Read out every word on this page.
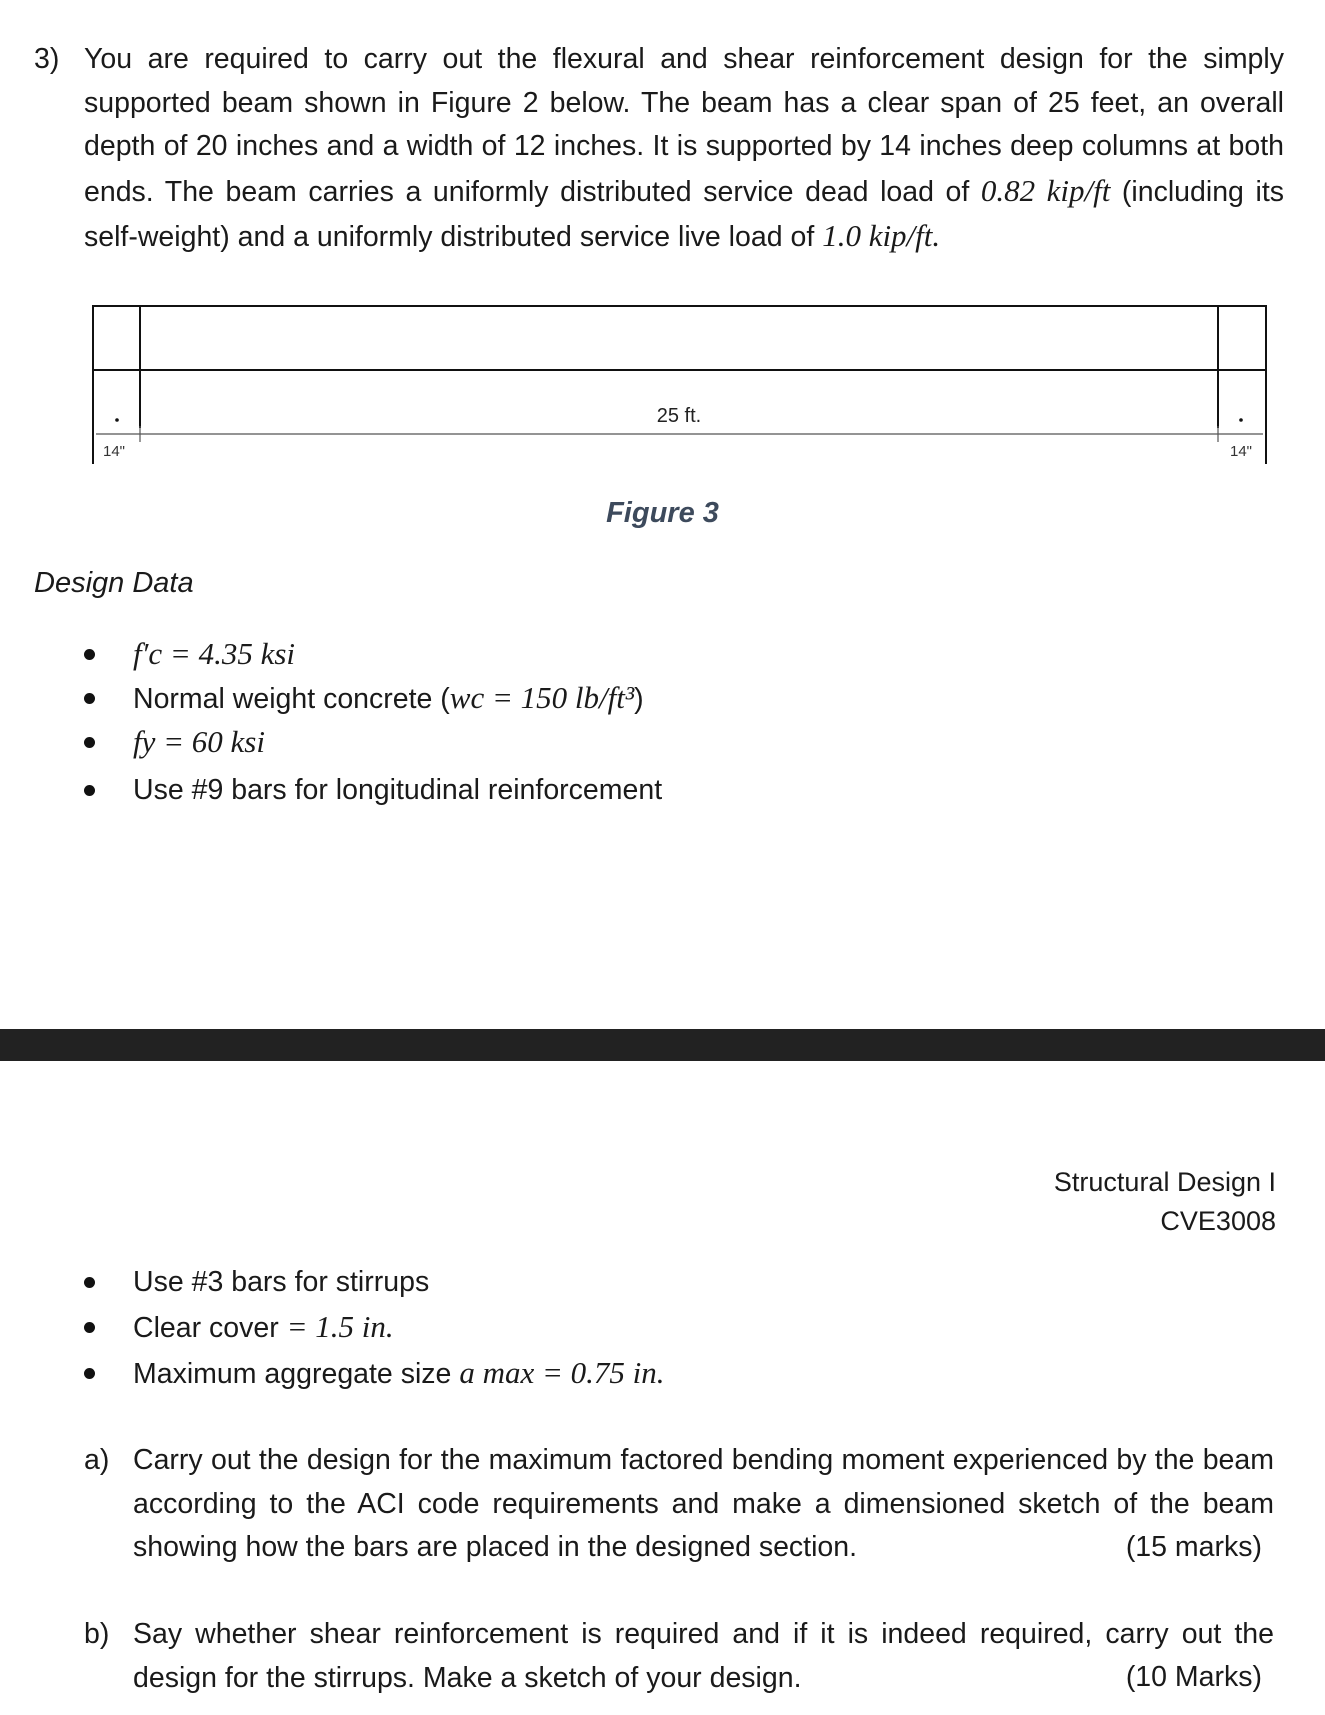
3) You are required to carry out the flexural and shear reinforcement design for the simply supported beam shown in Figure 2 below. The beam has a clear span of 25 feet, an overall depth of 20 inches and a width of 12 inches. It is supported by 14 inches deep columns at both ends. The beam carries a uniformly distributed service dead load of 0.82 kip/ft (including its self-weight) and a uniformly distributed service live load of 1.0 kip/ft.
25 ft.
14"	14"
Figure 3
Design Data
f′c = 4.35 ksi
Normal weight concrete (wc = 150 lb/ft³)
fy = 60 ksi
Use #9 bars for longitudinal reinforcement
Structural Design I
CVE3008
Use #3 bars for stirrups
Clear cover = 1.5 in.
Maximum aggregate size a max = 0.75 in.
a) Carry out the design for the maximum factored bending moment experienced by the beam according to the ACI code requirements and make a dimensioned sketch of the beam showing how the bars are placed in the designed section.	(15 marks)
b) Say whether shear reinforcement is required and if it is indeed required, carry out the design for the stirrups. Make a sketch of your design.	(10 Marks)
